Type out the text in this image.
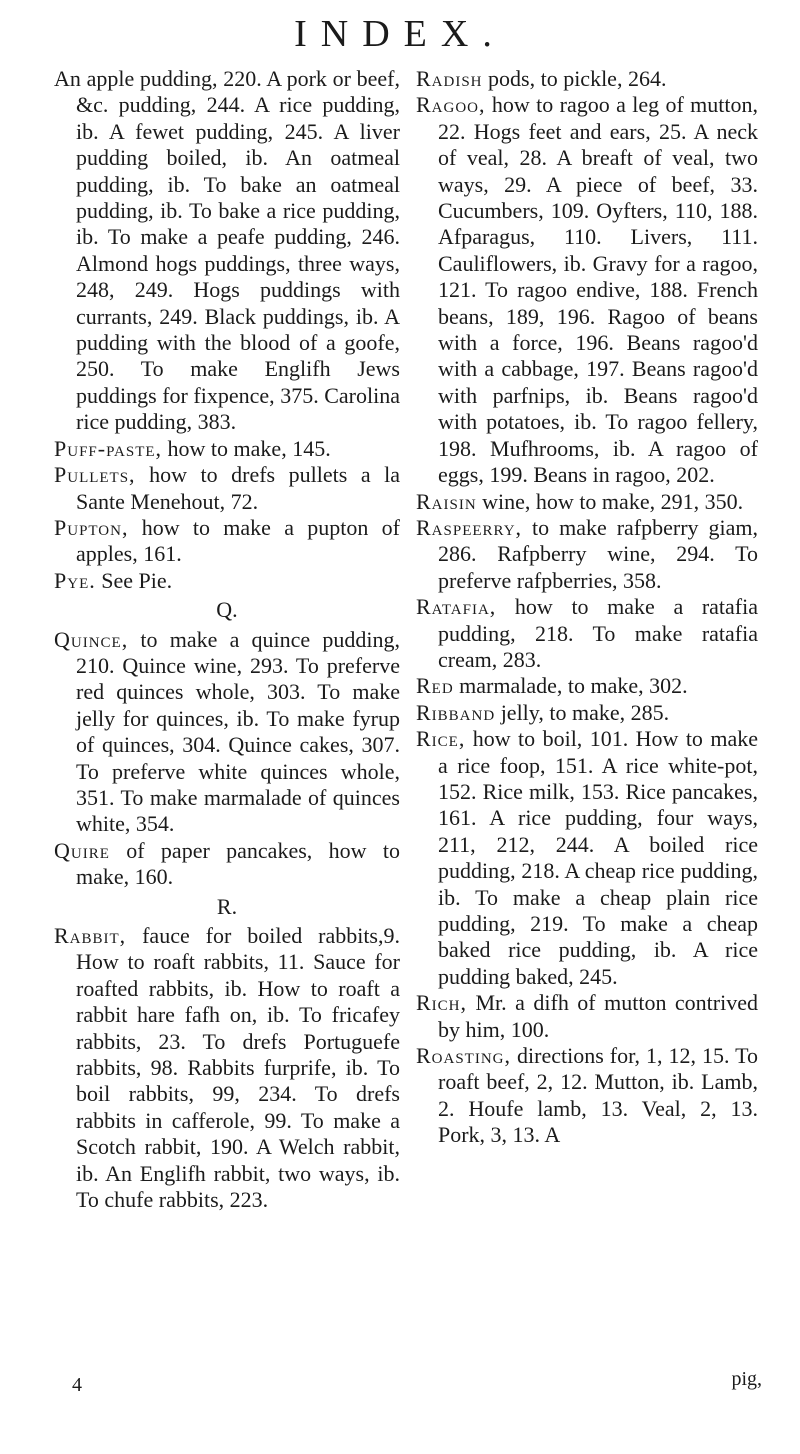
INDEX.

An apple pudding, 220. A pork or beef, &c. pudding, 244. A rice pudding, ib. A fewet pudding, 245. A liver pudding boiled, ib. An oatmeal pudding, ib. To bake an oatmeal pudding, ib. To bake a rice pudding, ib. To make a peafe pudding, 246. Almond hogs puddings, three ways, 248, 249. Hogs puddings with currants, 249. Black puddings, ib. A pudding with the blood of a goofe, 250. To make Englifh Jews puddings for fixpence, 375. Carolina rice pudding, 383.

Puff-paste, how to make, 145.

Pullets, how to drefs pullets a la Sante Menehout, 72.

Pupton, how to make a pupton of apples, 161.

Pye. See Pie.

Q.

Quince, to make a quince pudding, 210. Quince wine, 293. To preferve red quinces whole, 303. To make jelly for quinces, ib. To make fyrup of quinces, 304. Quince cakes, 307. To preferve white quinces whole, 351. To make marmalade of quinces white, 354.

Quire of paper pancakes, how to make, 160.

R.

Rabbit, fauce for boiled rabbits,9. How to roaft rabbits, 11. Sauce for roafted rabbits, ib. How to roaft a rabbit hare fafh on, ib. To fricafey rabbits, 23. To drefs Portuguefe rabbits, 98. Rabbits furprife, ib. To boil rabbits, 99, 234. To drefs rabbits in cafferole, 99. To make a Scotch rabbit, 190. A Welch rabbit, ib. An Englifh rabbit, two ways, ib. To chufe rabbits, 223.

Radish pods, to pickle, 264.

Ragoo, how to ragoo a leg of mutton, 22. Hogs feet and ears, 25. A neck of veal, 28. A breaft of veal, two ways, 29. A piece of beef, 33. Cucumbers, 109. Oyfters, 110, 188. Afparagus, 110. Livers, 111. Cauliflowers, ib. Gravy for a ragoo, 121. To ragoo endive, 188. French beans, 189, 196. Ragoo of beans with a force, 196. Beans ragoo'd with a cabbage, 197. Beans ragoo'd with parfnips, ib. Beans ragoo'd with potatoes, ib. To ragoo fellery, 198. Mufhrooms, ib. A ragoo of eggs, 199. Beans in ragoo, 202.

Raisin wine, how to make, 291, 350.

Raspeerry, to make rafpberry giam, 286. Rafpberry wine, 294. To preferve rafpberries, 358.

Ratafia, how to make a ratafia pudding, 218. To make ratafia cream, 283.

Red marmalade, to make, 302.

Ribband jelly, to make, 285.

Rice, how to boil, 101. How to make a rice foop, 151. A rice white-pot, 152. Rice milk, 153. Rice pancakes, 161. A rice pudding, four ways, 211, 212, 244. A boiled rice pudding, 218. A cheap rice pudding, ib. To make a cheap plain rice pudding, 219. To make a cheap baked rice pudding, ib. A rice pudding baked, 245.

Rich, Mr. a difh of mutton contrived by him, 100.

Roasting, directions for, 1, 12, 15. To roaft beef, 2, 12. Mutton, ib. Lamb, 2. Houfe lamb, 13. Veal, 2, 13. Pork, 3, 13. A

4	pig,
